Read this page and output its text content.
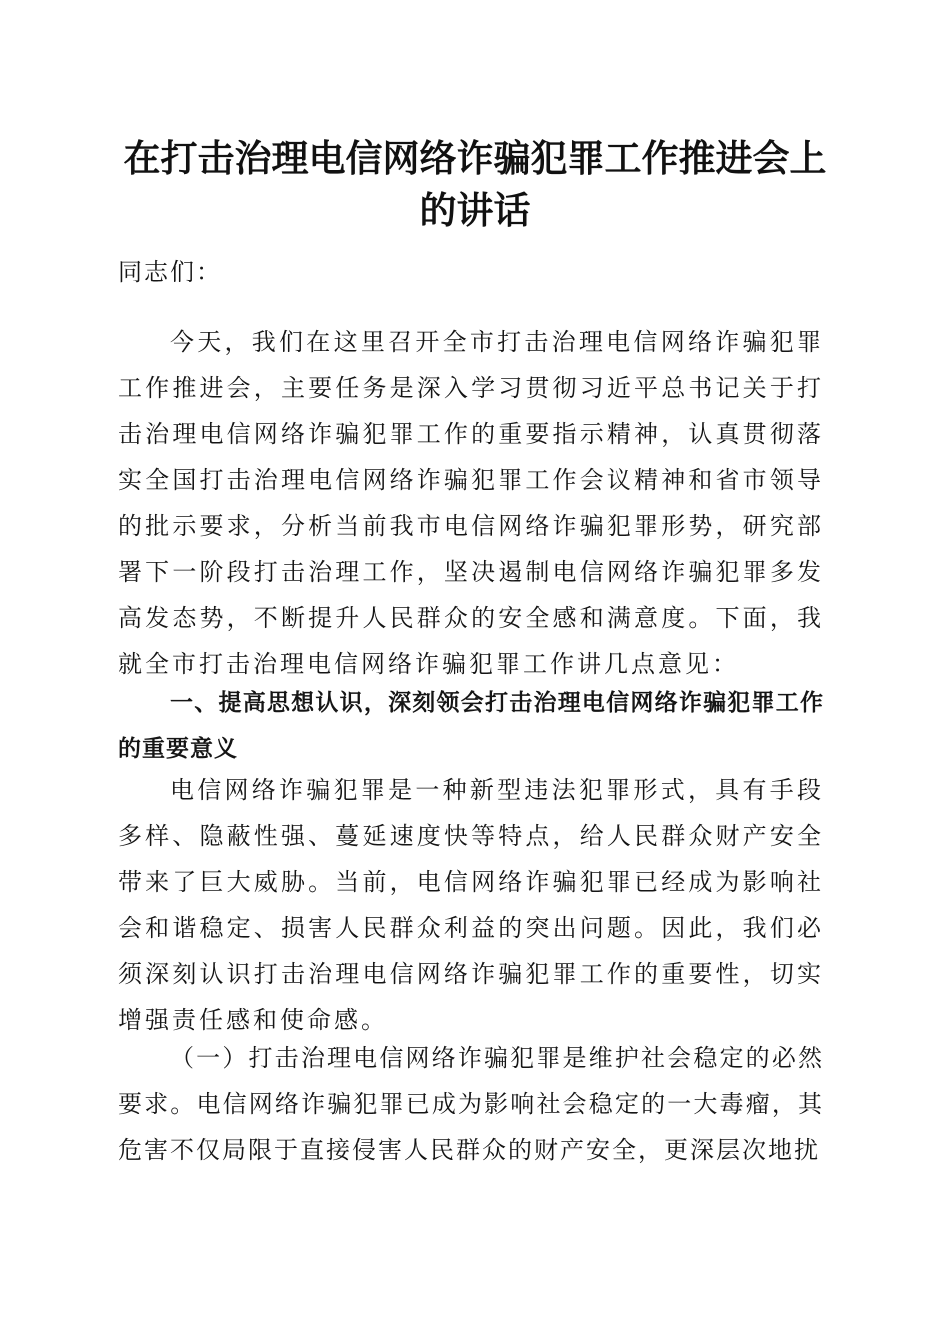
在打击治理电信网络诈骗犯罪工作推进会上的讲话

同志们：

今天，我们在这里召开全市打击治理电信网络诈骗犯罪工作推进会，主要任务是深入学习贯彻习近平总书记关于打击治理电信网络诈骗犯罪工作的重要指示精神，认真贯彻落实全国打击治理电信网络诈骗犯罪工作会议精神和省市领导的批示要求，分析当前我市电信网络诈骗犯罪形势，研究部署下一阶段打击治理工作，坚决遏制电信网络诈骗犯罪多发高发态势，不断提升人民群众的安全感和满意度。下面，我就全市打击治理电信网络诈骗犯罪工作讲几点意见：

一、提高思想认识，深刻领会打击治理电信网络诈骗犯罪工作的重要意义

电信网络诈骗犯罪是一种新型违法犯罪形式，具有手段多样、隐蔽性强、蔓延速度快等特点，给人民群众财产安全带来了巨大威胁。当前，电信网络诈骗犯罪已经成为影响社会和谐稳定、损害人民群众利益的突出问题。因此，我们必须深刻认识打击治理电信网络诈骗犯罪工作的重要性，切实增强责任感和使命感。

（一）打击治理电信网络诈骗犯罪是维护社会稳定的必然要求。电信网络诈骗犯罪已成为影响社会稳定的一大毒瘤，其危害不仅局限于直接侵害人民群众的财产安全，更深层次地扰
